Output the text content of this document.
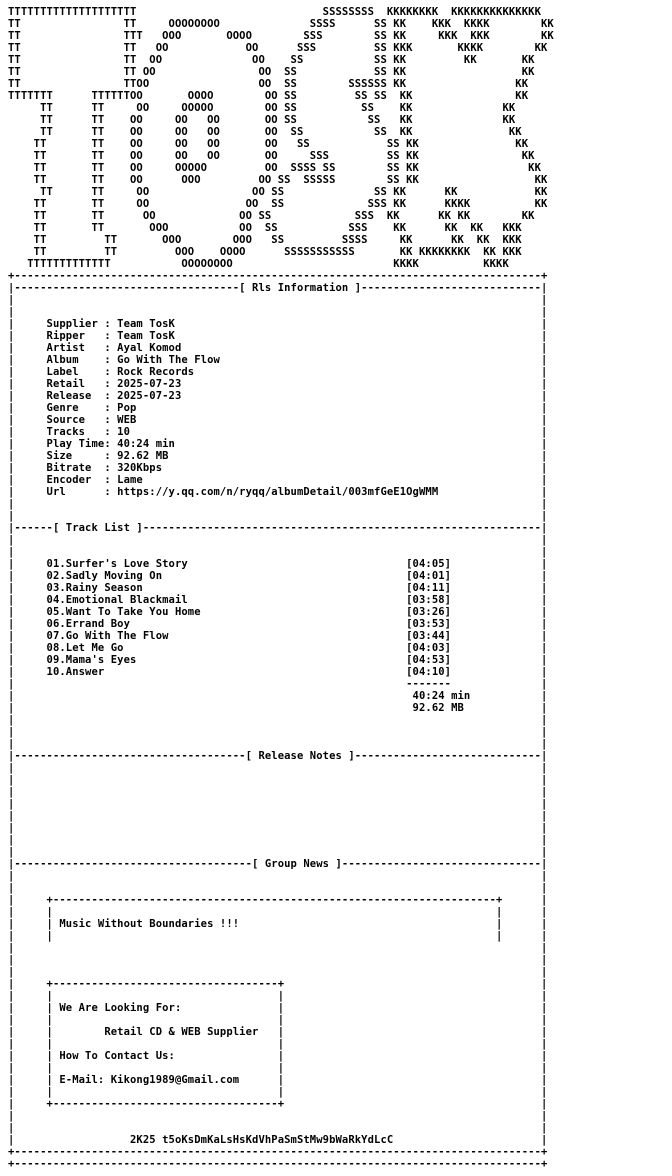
TTTTTTTTTTTTTTTTTTTT                             SSSSSSSS  KKKKKKKK  KKKKKKKKKKKKKK
TT                TT     OOOOOOOO              SSSS      SS KK    KKK  KKKK        KK
TT                TTT   OOO       OOOO        SSS        SS KK     KKK  KKK        KK
TT                TT   OO            OO      SSS         SS KKK       KKKK        KK
TT                TT  OO              OO    SS           SS KK         KK       KK
TT                TT OO                OO  SS            SS KK                  KK
TT                TTOO                 OO  SS        SSSSSS KK                 KK
TTTTTTT      TTTTTTOO       OOOO        OO SS         SS SS  KK                KK
TT      TT     OO     OOOOO        OO SS          SS    KK              KK
TT      TT    OO     OO   OO       OO SS           SS   KK              KK
TT      TT    OO     OO   OO       OO  SS           SS  KK               KK
TT       TT    OO     OO   OO       OO   SS            SS KK               KK
TT       TT    OO     OO   OO       OO     SSS         SS KK                KK
TT       TT    OO     OOOOO         OO  SSSS SS        SS KK                 KK
TT       TT    OO      OOO         OO SS  SSSSS        SS KK                  KK
TT      TT     OO                OO SS              SS KK      KK            KK
TT       TT     OO               OO  SS             SSS KK      KKKK          KK
TT       TT      OO             OO SS             SSS  KK      KK KK        KK
TT       TT       OOO           OO  SS           SSS    KK      KK  KK   KKK
TT         TT       OOO        OOO   SS         SSSS     KK      KK  KK  KKK
TT         TT         OOO    OOOO      SSSSSSSSSSS       KK KKKKKKKK  KK KKK
TTTTTTTTTTTTT           OOOOOOOO                         KKKK          KKKK
+----------------------------------------------------------------------------------+
|-----------------------------------[ Rls Information ]----------------------------|
|                                                                                  |
|                                                                                  |
|     Supplier : Team TosK                                                         |
|     Ripper   : Team TosK                                                         |
|     Artist   : Ayal Komod                                                        |
|     Album    : Go With The Flow                                                  |
|     Label    : Rock Records                                                      |
|     Retail   : 2025-07-23                                                        |
|     Release  : 2025-07-23                                                        |
|     Genre    : Pop                                                               |
|     Source   : WEB                                                               |
|     Tracks   : 10                                                                |
|     Play Time: 40:24 min                                                         |
|     Size     : 92.62 MB                                                          |
|     Bitrate  : 320Kbps                                                           |
|     Encoder  : Lame                                                              |
|     Url      : https://y.qq.com/n/ryqq/albumDetail/003mfGeE1OgWMM                |
|                                                                                  |
|                                                                                  |
|------[ Track List ]--------------------------------------------------------------|
|                                                                                  |
|                                                                                  |
|     01.Surfer's Love Story                                  [04:05]              |
|     02.Sadly Moving On                                      [04:01]              |
|     03.Rainy Season                                         [04:11]              |
|     04.Emotional Blackmail                                  [03:58]              |
|     05.Want To Take You Home                                [03:26]              |
|     06.Errand Boy                                           [03:53]              |
|     07.Go With The Flow                                     [03:44]              |
|     08.Let Me Go                                            [04:03]              |
|     09.Mama's Eyes                                          [04:53]              |
|     10.Answer                                               [04:10]              |
|                                                             -------              |
|                                                              40:24 min           |
|                                                              92.62 MB            |
|                                                                                  |
|                                                                                  |
|                                                                                  |
|------------------------------------[ Release Notes ]-----------------------------|
|                                                                                  |
|                                                                                  |
|                                                                                  |
|                                                                                  |
|                                                                                  |
|                                                                                  |
|                                                                                  |
|                                                                                  |
|-------------------------------------[ Group News ]-------------------------------|
|                                                                                  |
|                                                                                  |
|     +---------------------------------------------------------------------+      |
|     |                                                                     |      |
|     | Music Without Boundaries !!!                                        |      |
|     |                                                                     |      |
|                                                                                  |
|                                                                                  |
|                                                                                  |
|     +-----------------------------------+                                        |
|     |                                   |                                        |
|     | We Are Looking For:               |                                        |
|     |                                   |                                        |
|     |        Retail CD & WEB Supplier   |                                        |
|     |                                   |                                        |
|     | How To Contact Us:                |                                        |
|     |                                   |                                        |
|     | E-Mail: Kikong1989@Gmail.com      |                                        |
|     |                                   |                                        |
|     +-----------------------------------+                                        |
|                                                                                  |
|                                                                                  |
|                  2K25 t5oKsDmKaLsHsKdVhPaSmStMw9bWaRkYdLcC                       |
+----------------------------------------------------------------------------------+
+----------------------------------------------------------------------------------+
